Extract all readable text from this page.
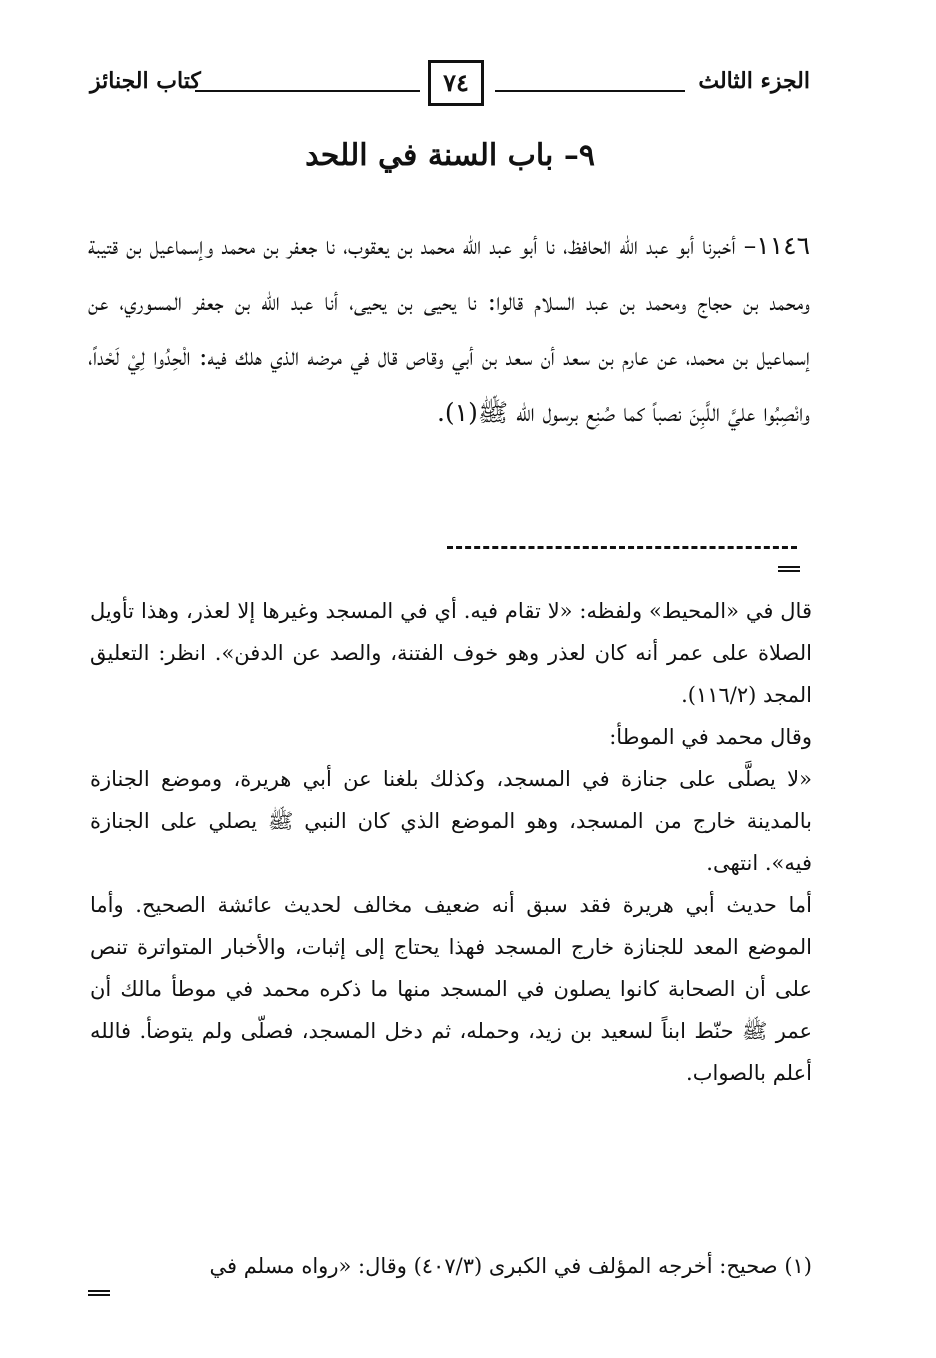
الجزء الثالث
٧٤
كتاب الجنائز
٩– باب السنة في اللحد

١١٤٦– أخبرنا أبو عبد الله الحافظ، نا أبو عبد الله محمد بن يعقوب، نا جعفر بن محمد وإسماعيل بن قتيبة ومحمد بن حجاج ومحمد بن عبد السلام قالوا: نا يحيى بن يحيى، أنا عبد الله بن جعفر المسوري، عن إسماعيل بن محمد، عن عارم بن سعد أن سعد بن أبي وقاص قال في مرضه الذي هلك فيه: الْحِدُوا لِيْ لَحْداً، وانْصِبُوا عليَّ اللَّبِنَ نصباً كما صُنِع برسول الله ﷺ(١).

قال في «المحيط» ولفظه: «لا تقام فيه. أي في المسجد وغيرها إلا لعذر، وهذا تأويل الصلاة على عمر أنه كان لعذر وهو خوف الفتنة، والصد عن الدفن». انظر: التعليق المجد (١١٦/٢).

وقال محمد في الموطأ:

«لا يصلَّى على جنازة في المسجد، وكذلك بلغنا عن أبي هريرة، وموضع الجنازة بالمدينة خارج من المسجد، وهو الموضع الذي كان النبي ﷺ يصلي على الجنازة فيه». انتهى.

أما حديث أبي هريرة فقد سبق أنه ضعيف مخالف لحديث عائشة الصحيح. وأما الموضع المعد للجنازة خارج المسجد فهذا يحتاج إلى إثبات، والأخبار المتواترة تنص على أن الصحابة كانوا يصلون في المسجد منها ما ذكره محمد في موطأ مالك أن عمر ﷺ حنّط ابناً لسعيد بن زيد، وحمله، ثم دخل المسجد، فصلّى ولم يتوضأ. فالله أعلم بالصواب.

(١) صحيح: أخرجه المؤلف في الكبرى (٤٠٧/٣) وقال: «رواه مسلم في
